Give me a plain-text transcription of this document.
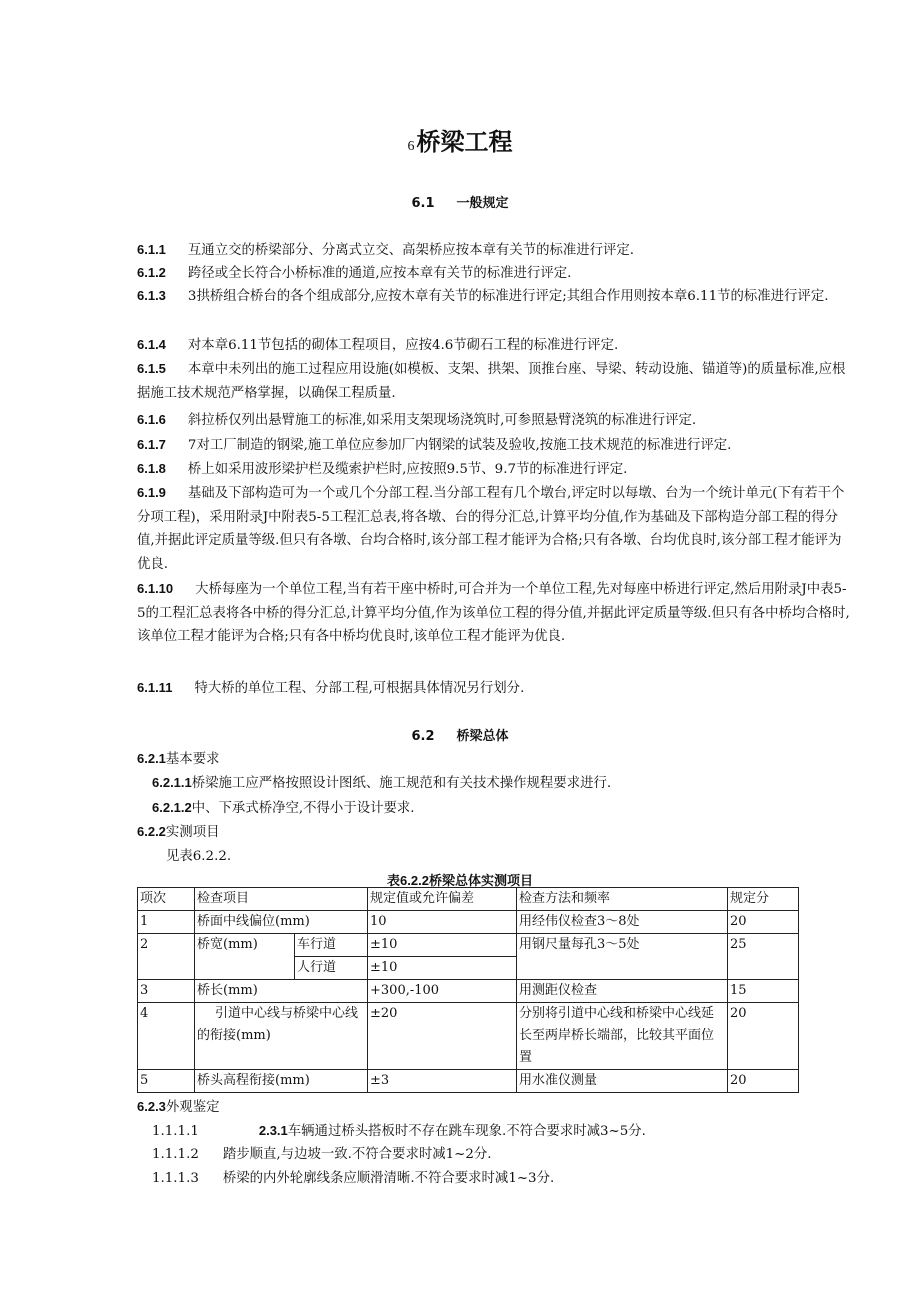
6桥梁工程
6.1 一般规定
6.1.1 互通立交的桥梁部分、分离式立交、高架桥应按本章有关节的标准进行评定.
6.1.2 跨径或全长符合小桥标准的通道,应按本章有关节的标准进行评定.
6.1.3 3拱桥组合桥台的各个组成部分,应按木章有关节的标准进行评定;其组合作用则按本章6.11节的标准进行评定.
6.1.4 对本章6.11节包括的砌体工程项目，应按4.6节砌石工程的标准进行评定.
6.1.5 本章中未列出的施工过程应用设施(如模板、支架、拱架、顶推台座、导梁、转动设施、锚道等)的质量标准,应根据施工技术规范严格掌握，以确保工程质量.
6.1.6 斜拉桥仅列出悬臂施工的标准,如采用支架现场浇筑时,可参照悬臂浇筑的标准进行评定.
6.1.7 7对工厂制造的钢梁,施工单位应参加厂内钢梁的试装及验收,按施工技术规范的标准进行评定.
6.1.8 桥上如采用波形梁护栏及缆索护栏时,应按照9.5节、9.7节的标准进行评定.
6.1.9 基础及下部构造可为一个或几个分部工程.当分部工程有几个墩台,评定时以每墩、台为一个统计单元(下有若干个分项工程)，采用附录J中附表5-5工程汇总表,将各墩、台的得分汇总,计算平均分值,作为基础及下部构造分部工程的得分值,并据此评定质量等级.但只有各墩、台均合格时,该分部工程才能评为合格;只有各墩、台均优良时,该分部工程才能评为优良.
6.1.10 大桥每座为一个单位工程,当有若干座中桥时,可合并为一个单位工程,先对每座中桥进行评定,然后用附录J中表5-5的工程汇总表将各中桥的得分汇总,计算平均分值,作为该单位工程的得分值,并据此评定质量等级.但只有各中桥均合格时,该单位工程才能评为合格;只有各中桥均优良时,该单位工程才能评为优良.
6.1.11 特大桥的单位工程、分部工程,可根据具体情况另行划分.
6.2 桥梁总体
6.2.1基本要求
6.2.1.1桥梁施工应严格按照设计图纸、施工规范和有关技术操作规程要求进行.
6.2.1.2中、下承式桥净空,不得小于设计要求.
6.2.2实测项目
见表6.2.2.
表6.2.2桥梁总体实测项目
项次	检查项目		规定值或允许偏差	检查方法和频率	规定分
1	桥面中线偏位(mm)		10	用经伟仪检查3～8处	20
2	桥宽(mm)	车行道	±10	用钢尺量每孔3～5处	25
		人行道	±10		
3	桥长(mm)		+300,-100	用测距仪检查	15
4	引道中心线与桥梁中心线的衔接(mm)		±20	分别将引道中心线和桥梁中心线延长至两岸桥长端部，比较其平面位置	20
5	桥头高程衔接(mm)		±3	用水准仪测量	20
6.2.3外观鉴定
1.1.1.1	2.3.1车辆通过桥头搭板时不存在跳车现象.不符合要求时减3~5分.
1.1.1.2 踏步顺直,与边坡一致.不符合要求时减1~2分.
1.1.1.3 桥梁的内外轮廓线条应顺滑清晰.不符合要求时减1~3分.
